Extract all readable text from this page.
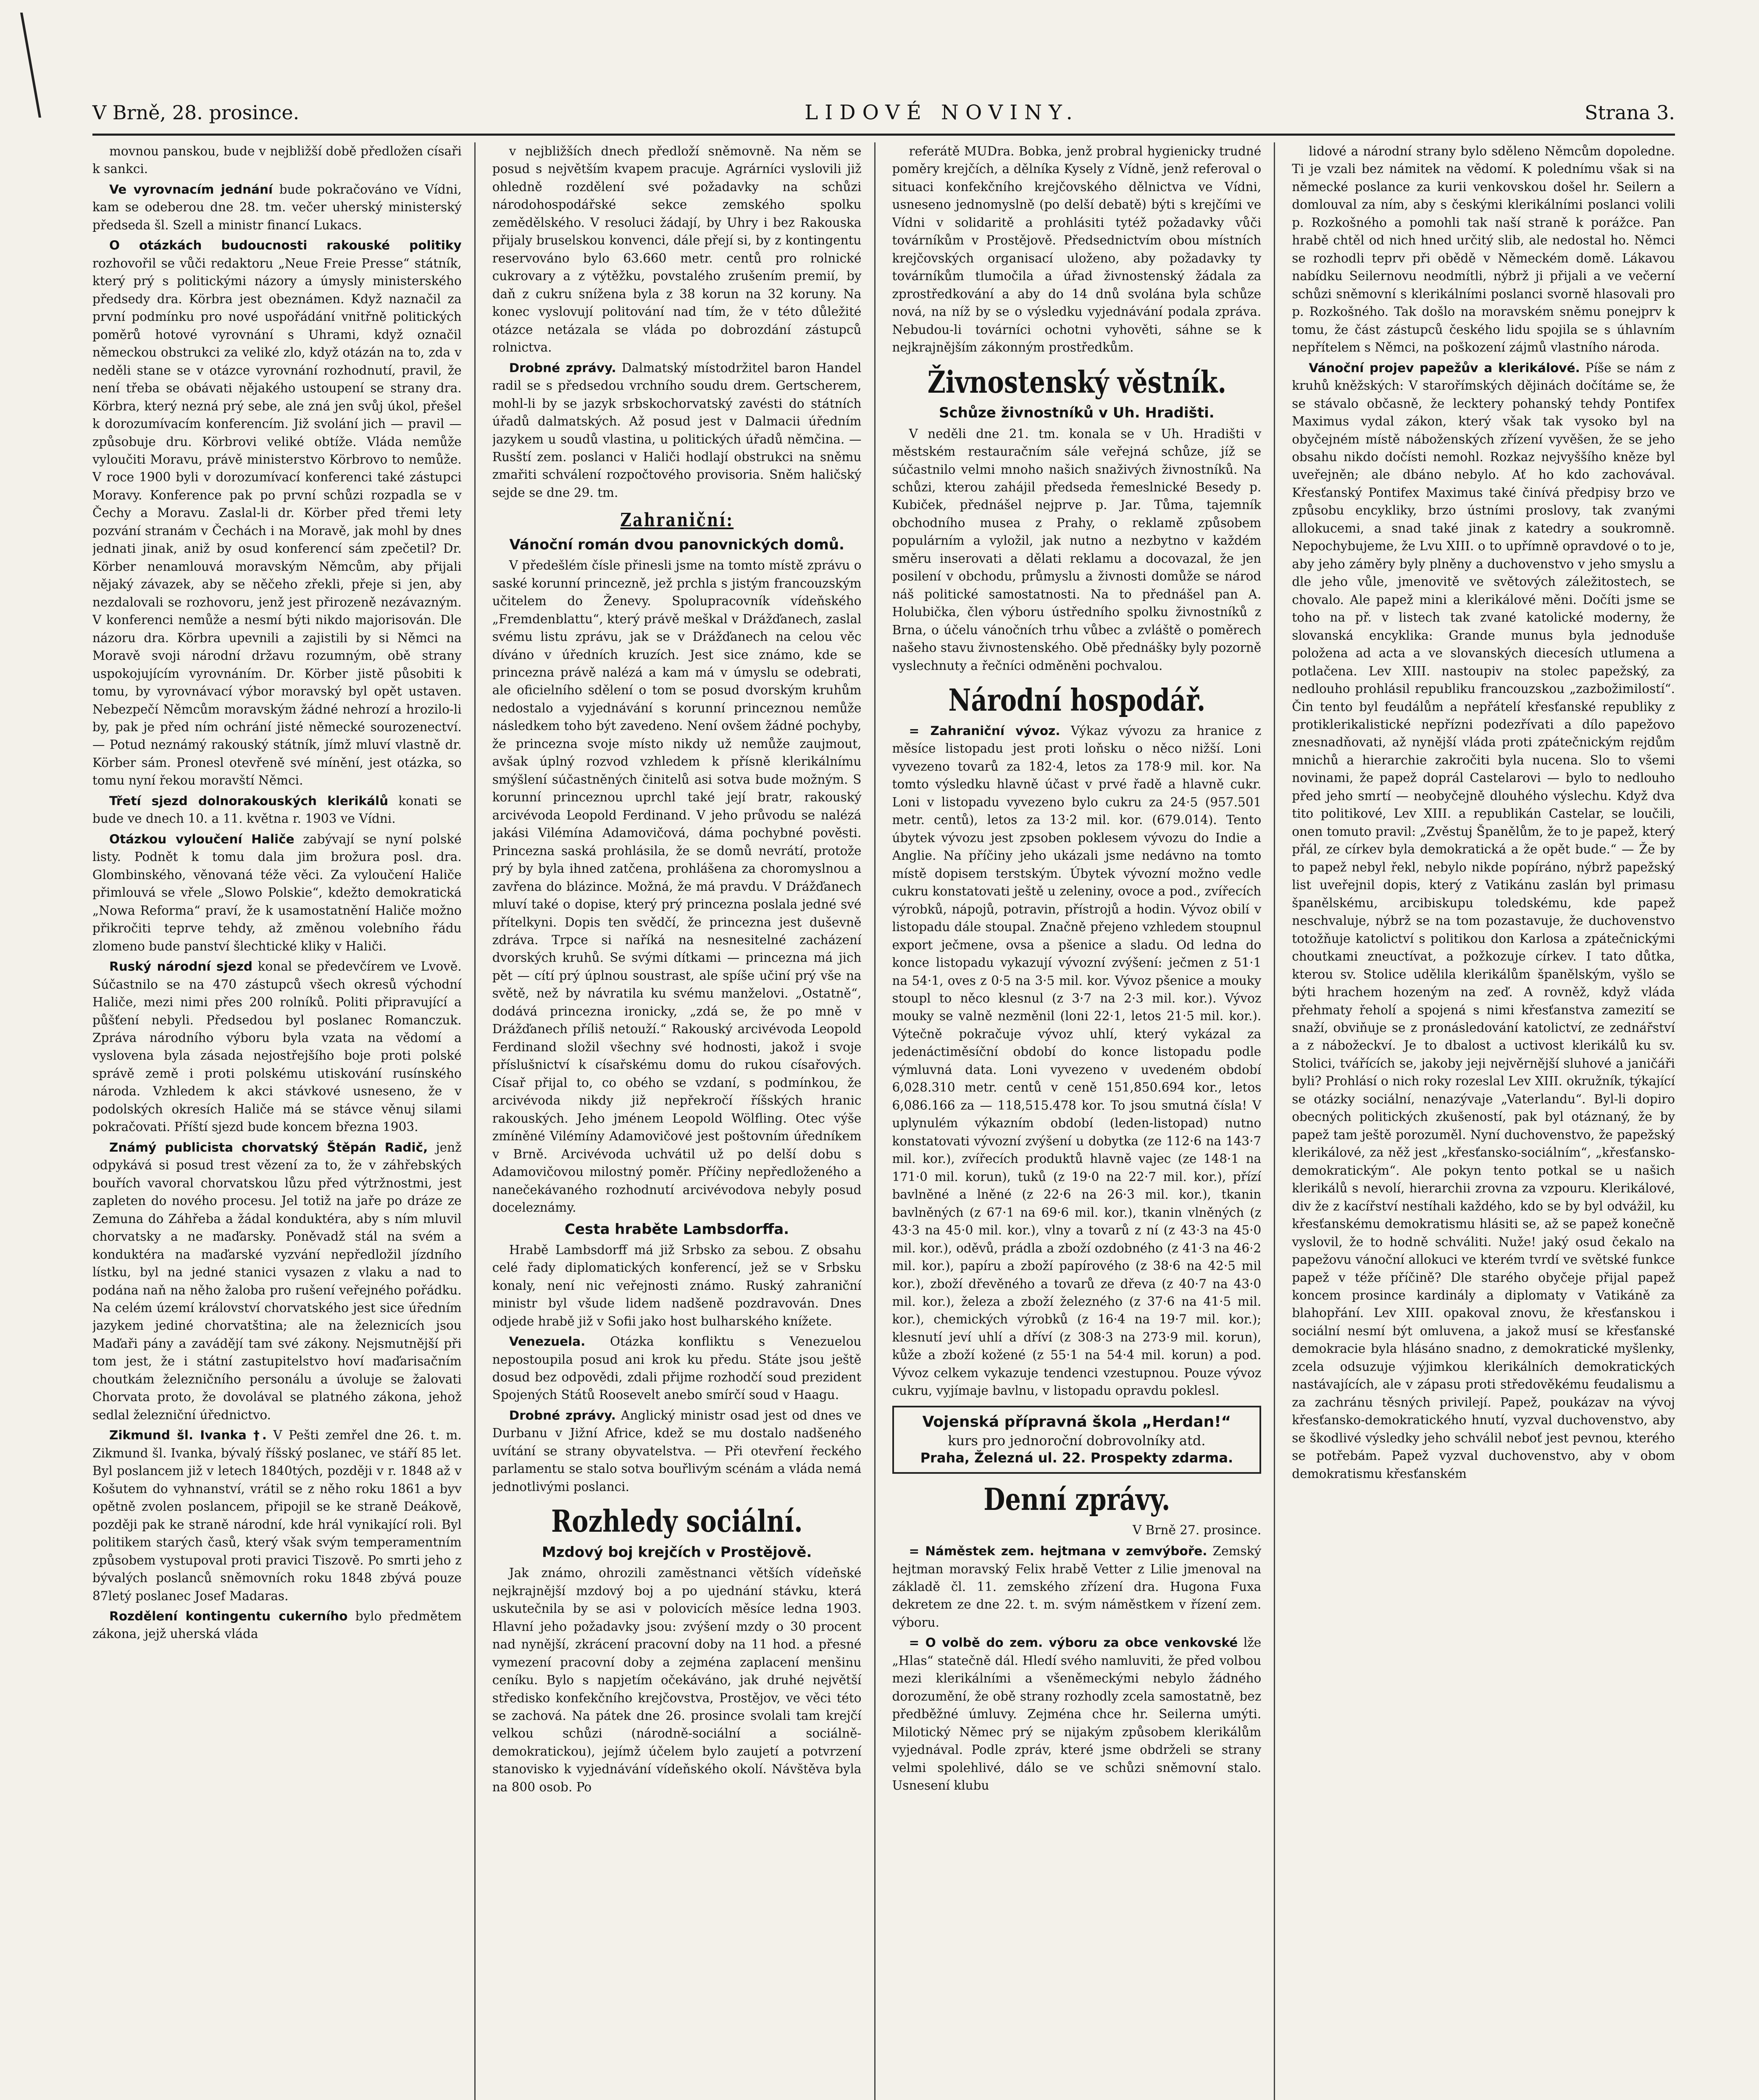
V Brně, 28. prosince.	LIDOVÉ NOVINY.	Strana 3.

movnou panskou, bude v nejbližší době předložen císaři k sankci.

Ve vyrovnacím jednání bude pokračováno ve Vídni, kam se odeberou dne 28. tm. večer uherský ministerský předseda šl. Szell a ministr financí Lukacs.

O otázkách budoucnosti rakouské politiky rozhovořil se vůči redaktoru „Neue Freie Presse“ státník, který prý s politickými názory a úmysly ministerského předsedy dra. Körbra jest obeznámen. Když naznačil za první podmínku pro nové uspořádání vnitřně politických poměrů hotové vyrovnání s Uhrami, když označil německou obstrukci za veliké zlo, když otázán na to, zda v neděli stane se v otázce vyrovnání rozhodnutí, pravil, že není třeba se obávati nějakého ustoupení se strany dra. Körbra, který nezná prý sebe, ale zná jen svůj úkol, přešel k dorozumívacím konferencím. Již svolání jich — pravil — způsobuje dru. Körbrovi veliké obtíže. Vláda nemůže vyloučiti Moravu, právě ministerstvo Körbrovo to nemůže. V roce 1900 byli v dorozumívací konferenci také zástupci Moravy. Konference pak po první schůzi rozpadla se v Čechy a Moravu. Zaslal-li dr. Körber před třemi lety pozvání stranám v Čechách i na Moravě, jak mohl by dnes jednati jinak, aniž by osud konferencí sám zpečetil? Dr. Körber nenamlouvá moravským Němcům, aby přijali nějaký závazek, aby se něčeho zřekli, přeje si jen, aby nezdalovali se rozhovoru, jenž jest přirozeně nezávazným. V konferenci nemůže a nesmí býti nikdo majorisován. Dle názoru dra. Körbra upevnili a zajistili by si Němci na Moravě svoji národní državu rozumným, obě strany uspokojujícím vyrovnáním. Dr. Körber jistě působiti k tomu, by vyrovnávací výbor moravský byl opět ustaven. Nebezpečí Němcům moravským žádné nehrozí a hrozilo-li by, pak je před ním ochrání jisté německé sourozenectví. — Potud neznámý rakouský státník, jímž mluví vlastně dr. Körber sám. Pronesl otevřeně své mínění, jest otázka, so tomu nyní řekou moravští Němci.

Třetí sjezd dolnorakouských klerikálů konati se bude ve dnech 10. a 11. května r. 1903 ve Vídni.

Otázkou vyloučení Haliče zabývají se nyní polské listy. Podnět k tomu dala jim brožura posl. dra. Glombinského, věnovaná téže věci. Za vyloučení Haliče přimlouvá se vřele „Slowo Polskie“, kdežto demokratická „Nowa Reforma“ praví, že k usamostatnění Haliče možno přikročiti teprve tehdy, až změnou volebního řádu zlomeno bude panství šlechtické kliky v Haliči.

Ruský národní sjezd konal se předevčírem ve Lvově. Súčastnilo se na 470 zástupců všech okresů východní Haliče, mezi nimi přes 200 rolníků. Politi připravující a půšťení nebyli. Předsedou byl poslanec Romanczuk. Zpráva národního výboru byla vzata na vědomí a vyslovena byla zásada nejostřejšího boje proti polské správě země i proti polskému utiskování rusínského národa. Vzhledem k akci stávkové usneseno, že v podolských okresích Haliče má se stávce věnuj silami pokračovati. Příští sjezd bude koncem března 1903.

Známý publicista chorvatský Štěpán Radič, jenž odpykává si posud trest vězení za to, že v záhřebských bouřích vavoral chorvatskou lůzu před výtržnostmi, jest zapleten do nového procesu. Jel totiž na jaře po dráze ze Zemuna do Záhřeba a žádal konduktéra, aby s ním mluvil chorvatsky a ne maďarsky. Poněvadž stál na svém a konduktéra na maďarské vyzvání nepředložil jízdního lístku, byl na jedné stanici vysazen z vlaku a nad to podána naň na něho žaloba pro rušení veřejného pořádku. Na celém území království chorvatského jest sice úředním jazykem jediné chorvatština; ale na železnicích jsou Maďaři pány a zavádějí tam své zákony. Nejsmutnější při tom jest, že i státní zastupitelstvo hoví maďarisačním choutkám železničního personálu a úvoluje se žalovati Chorvata proto, že dovolával se platného zákona, jehož sedlal železniční úřednictvo.

Zikmund šl. Ivanka †. V Pešti zemřel dne 26. t. m. Zikmund šl. Ivanka, bývalý říšský poslanec, ve stáří 85 let. Byl poslancem již v letech 1840tých, později v r. 1848 až v Košutem do vyhnanství, vrátil se z něho roku 1861 a byv opětně zvolen poslancem, připojil se ke straně Deákově, později pak ke straně národní, kde hrál vynikající roli. Byl politikem starých časů, který však svým temperamentním způsobem vystupoval proti pravici Tiszově. Po smrti jeho z bývalých poslanců sněmovních roku 1848 zbývá pouze 87letý poslanec Josef Madaras.

Rozdělení kontingentu cukerního bylo předmětem zákona, jejž uherská vláda

v nejbližších dnech předloží sněmovně. Na něm se posud s největším kvapem pracuje. Agrárníci vyslovili již ohledně rozdělení své požadavky na schůzi národohospodářské sekce zemského spolku zemědělského. V resoluci žádají, by Uhry i bez Rakouska přijaly bruselskou konvenci, dále přejí si, by z kontingentu reservováno bylo 63.660 metr. centů pro rolnické cukrovary a z výtěžku, povstalého zrušením premií, by daň z cukru snížena byla z 38 korun na 32 koruny. Na konec vyslovují politování nad tím, že v této důležité otázce netázala se vláda po dobrozdání zástupců rolnictva.

Drobné zprávy. Dalmatský místodržitel baron Handel radil se s předsedou vrchního soudu drem. Gertscherem, mohl-li by se jazyk srbskochorvatský zavésti do státních úřadů dalmatských. Až posud jest v Dalmacii úředním jazykem u soudů vlastina, u politických úřadů němčina. — Rusští zem. poslanci v Haliči hodlají obstrukci na sněmu zmařiti schválení rozpočtového provisoria. Sněm haličský sejde se dne 29. tm.

Zahraniční:
Vánoční román dvou panovnických domů.

V předešlém čísle přinesli jsme na tomto místě zprávu o saské korunní princezně, jež prchla s jistým francouzským učitelem do Ženevy. Spolupracovník vídeňského „Fremdenblattu“, který právě meškal v Drážďanech, zaslal svému listu zprávu, jak se v Drážďanech na celou věc díváno v úředních kruzích. Jest sice známo, kde se princezna právě nalézá a kam má v úmyslu se odebrati, ale oficielního sdělení o tom se posud dvorským kruhům nedostalo a vyjednávání s korunní princeznou nemůže následkem toho být zavedeno. Není ovšem žádné pochyby, že princezna svoje místo nikdy už nemůže zaujmout, avšak úplný rozvod vzhledem k přísně klerikálnímu smýšlení súčastněných činitelů asi sotva bude možným. S korunní princeznou uprchl také její bratr, rakouský arcivévoda Leopold Ferdinand. V jeho průvodu se nalézá jakási Vilémína Adamovičová, dáma pochybné pověsti. Princezna saská prohlásila, že se domů nevrátí, protože prý by byla ihned zatčena, prohlášena za choromyslnou a zavřena do blázince. Možná, že má pravdu. V Drážďanech mluví také o dopise, který prý princezna poslala jedné své přítelkyni. Dopis ten svědčí, že princezna jest duševně zdráva. Trpce si naříká na nesnesitelné zacházení dvorských kruhů. Se svými dítkami — princezna má jich pět — cítí prý úplnou soustrast, ale spíše učiní prý vše na světě, než by návratila ku svému manželovi. „Ostatně“, dodává princezna ironicky, „zdá se, že po mně v Drážďanech příliš netouží.“ Rakouský arcivévoda Leopold Ferdinand složil všechny své hodnosti, jakož i svoje příslušnictví k císařskému domu do rukou císařových. Císař přijal to, co obého se vzdaní, s podmínkou, že arcivévoda nikdy již nepřekročí říšských hranic rakouských. Jeho jménem Leopold Wölfling. Otec výše zmíněné Vilémíny Adamovičové jest poštovním úředníkem v Brně. Arcivévoda uchvátil už po delší dobu s Adamovičovou milostný poměr. Příčiny nepředloženého a nanečekávaného rozhodnutí arcivévodova nebyly posud doceleznámy.

Cesta hraběte Lambsdorffa.

Hrabě Lambsdorff má již Srbsko za sebou. Z obsahu celé řady diplomatických konferencí, jež se v Srbsku konaly, není nic veřejnosti známo. Ruský zahraniční ministr byl všude lidem nadšeně pozdravován. Dnes odjede hrabě již v Sofii jako host bulharského knížete.

Venezuela. Otázka konfliktu s Venezuelou nepostoupila posud ani krok ku předu. Státe jsou ještě dosud bez odpovědi, zdali přijme rozhodčí soud prezident Spojených Států Roosevelt anebo smírčí soud v Haagu.

Drobné zprávy. Anglický ministr osad jest od dnes ve Durbanu v Jižní Africe, kdež se mu dostalo nadšeného uvítání se strany obyvatelstva. — Při otevření řeckého parlamentu se stalo sotva bouřlivým scénám a vláda nemá jednotlivými poslanci.

Rozhledy sociální.
Mzdový boj krejčích v Prostějově.

Jak známo, ohrozili zaměstnanci větších vídeňské nejkrajnější mzdový boj a po ujednání stávku, která uskutečnila by se asi v polovicích měsíce ledna 1903. Hlavní jeho požadavky jsou: zvýšení mzdy o 30 procent nad nynější, zkrácení pracovní doby na 11 hod. a přesné vymezení pracovní doby a zejména zaplacení menšinu ceníku. Bylo s napjetím očekáváno, jak druhé největší středisko konfekčního krejčovstva, Prostějov, ve věci této se zachová. Na pátek dne 26. prosince svolali tam krejčí velkou schůzi (národně-sociální a sociálně-demokratickou), jejímž účelem bylo zaujetí a potvrzení stanovisko k vyjednávání vídeňského okolí. Návštěva byla na 800 osob. Po

referátě MUDra. Bobka, jenž probral hygienicky trudné poměry krejčích, a dělníka Kysely z Vídně, jenž referoval o situaci konfekčního krejčovského dělnictva ve Vídni, usneseno jednomyslně (po delší debatě) býti s krejčími ve Vídni v solidaritě a prohlásiti tytéž požadavky vůči továrníkům v Prostějově. Předsednictvím obou místních krejčovských organisací uloženo, aby požadavky ty továrníkům tlumočila a úřad živnostenský žádala za zprostředkování a aby do 14 dnů svolána byla schůze nová, na níž by se o výsledku vyjednávání podala zpráva. Nebudou-li továrníci ochotni vyhověti, sáhne se k nejkrajnějším zákonným prostředkům.

Živnostenský věstník.
Schůze živnostníků v Uh. Hradišti.

V neděli dne 21. tm. konala se v Uh. Hradišti v městském restauračním sále veřejná schůze, jíž se súčastnilo velmi mnoho našich snaživých živnostníků. Na schůzi, kterou zahájil předseda řemeslnické Besedy p. Kubiček, přednášel nejprve p. Jar. Tůma, tajemník obchodního musea z Prahy, o reklamě způsobem populárním a vyložil, jak nutno a nezbytno v každém směru inserovati a dělati reklamu a docovazal, že jen posilení v obchodu, průmyslu a živnosti domůže se národ náš politické samostatnosti. Na to přednášel pan A. Holubička, člen výboru ústředního spolku živnostníků z Brna, o účelu vánočních trhu vůbec a zvláště o poměrech našeho stavu živnostenského. Obě přednášky byly pozorně vyslechnuty a řečníci odměněni pochvalou.

Národní hospodář.

= Zahraniční vývoz. Výkaz vývozu za hranice z měsíce listopadu jest proti loňsku o něco nižší. Loni vyvezeno tovarů za 182·4, letos za 178·9 mil. kor. Na tomto výsledku hlavně účast v prvé řadě a hlavně cukr. Loni v listopadu vyvezeno bylo cukru za 24·5 (957.501 metr. centů), letos za 13·2 mil. kor. (679.014). Tento úbytek vývozu jest zpsoben poklesem vývozu do Indie a Anglie. Na příčiny jeho ukázali jsme nedávno na tomto místě dopisem terstským. Úbytek vývozní možno vedle cukru konstatovati ještě u zeleniny, ovoce a pod., zvířecích výrobků, nápojů, potravin, přístrojů a hodin. Vývoz obilí v listopadu dále stoupal. Značně přejeno vzhledem stoupnul export ječmene, ovsa a pšenice a sladu. Od ledna do konce listopadu vykazují vývozní zvýšení: ječmen z 51·1 na 54·1, oves z 0·5 na 3·5 mil. kor. Vývoz pšenice a mouky stoupl to něco klesnul (z 3·7 na 2·3 mil. kor.). Vývoz mouky se valně nezměnil (loni 22·1, letos 21·5 mil. kor.). Výtečně pokračuje vývoz uhlí, který vykázal za jedenáctiměsíční období do konce listopadu podle výmluvná data. Loni vyvezeno v uvedeném období 6,028.310 metr. centů v ceně 151,850.694 kor., letos 6,086.166 za — 118,515.478 kor. To jsou smutná čísla! V uplynulém výkazním období (leden-listopad) nutno konstatovati vývozní zvýšení u dobytka (ze 112·6 na 143·7 mil. kor.), zvířecích produktů hlavně vajec (ze 148·1 na 171·0 mil. korun), tuků (z 19·0 na 22·7 mil. kor.), přízí bavlněné a lněné (z 22·6 na 26·3 mil. kor.), tkanin bavlněných (z 67·1 na 69·6 mil. kor.), tkanin vlněných (z 43·3 na 45·0 mil. kor.), vlny a tovarů z ní (z 43·3 na 45·0 mil. kor.), oděvů, prádla a zboží ozdobného (z 41·3 na 46·2 mil. kor.), papíru a zboží papírového (z 38·6 na 42·5 mil kor.), zboží dřevěného a tovarů ze dřeva (z 40·7 na 43·0 mil. kor.), železa a zboží železného (z 37·6 na 41·5 mil. kor.), chemických výrobků (z 16·4 na 19·7 mil. kor.); klesnutí jeví uhlí a dříví (z 308·3 na 273·9 mil. korun), kůže a zboží kožené (z 55·1 na 54·4 mil. korun) a pod. Vývoz celkem vykazuje tendenci vzestupnou. Pouze vývoz cukru, vyjímaje bavlnu, v listopadu opravdu poklesl.

Vojenská přípravná škola „Herdan!“
kurs pro jednoroční dobrovolníky atd.
Praha, Železná ul. 22. Prospekty zdarma.
Denní zprávy.
V Brně 27. prosince.

= Náměstek zem. hejtmana v zemvýboře. Zemský hejtman moravský Felix hrabě Vetter z Lilie jmenoval na základě čl. 11. zemského zřízení dra. Hugona Fuxa dekretem ze dne 22. t. m. svým náměstkem v řízení zem. výboru.

= O volbě do zem. výboru za obce venkovské lže „Hlas“ statečně dál. Hledí svého namluviti, že před volbou mezi klerikálními a všeněmeckými nebylo žádného dorozumění, že obě strany rozhodly zcela samostatně, bez předběžné úmluvy. Zejména chce hr. Seilerna umýti. Milotický Němec prý se nijakým způsobem klerikálům vyjednával. Podle zpráv, které jsme obdrželi se strany velmi spolehlivé, dálo se ve schůzi sněmovní stalo. Usnesení klubu

lidové a národní strany bylo sděleno Němcům dopoledne. Ti je vzali bez námitek na vědomí. K polednímu však si na německé poslance za kurii venkovskou došel hr. Seilern a domlouval za ním, aby s českými klerikálními poslanci volili p. Rozkošného a pomohli tak naší straně k porážce. Pan hrabě chtěl od nich hned určitý slib, ale nedostal ho. Němci se rozhodli teprv při obědě v Německém domě. Lákavou nabídku Seilernovu neodmítli, nýbrž ji přijali a ve večerní schůzi sněmovní s klerikálními poslanci svorně hlasovali pro p. Rozkošného. Tak došlo na moravském sněmu ponejprv k tomu, že část zástupců českého lidu spojila se s úhlavním nepřítelem s Němci, na poškození zájmů vlastního národa.

Vánoční projev papežův a klerikálové. Píše se nám z kruhů kněžských: V starořímských dějinách dočítáme se, že se stávalo občasně, že lecktery pohanský tehdy Pontifex Maximus vydal zákon, který však tak vysoko byl na obyčejném místě náboženských zřízení vyvěšen, že se jeho obsahu nikdo dočísti nemohl. Rozkaz nejvyššího kněze byl uveřejněn; ale dbáno nebylo. Ať ho kdo zachovával. Křesťanský Pontifex Maximus také činívá předpisy brzo ve způsobu encykliky, brzo ústními proslovy, tak zvanými allokucemi, a snad také jinak z katedry a soukromně. Nepochybujeme, že Lvu XIII. o to upřímně opravdové o to je, aby jeho záměry byly plněny a duchovenstvo v jeho smyslu a dle jeho vůle, jmenovitě ve světových záležitostech, se chovalo. Ale papež mini a klerikálové měni. Dočíti jsme se toho na př. v listech tak zvané katolické moderny, že slovanská encyklika: Grande munus byla jednoduše položena ad acta a ve slovanských diecesích utlumena a potlačena. Lev XIII. nastoupiv na stolec papežský, za nedlouho prohlásil republiku francouzskou „zazbožimilostí“. Čin tento byl feudálům a nepřátelí křesťanské republiky z protiklerikalistické nepřízni podezřívati a dílo papežovo znesnadňovati, až nynější vláda proti zpátečnickým rejdům mnichů a hierarchie zakročiti byla nucena. Slo to všemi novinami, že papež doprál Castelarovi — bylo to nedlouho před jeho smrtí — neobyčejně dlouhého výslechu. Když dva tito politikové, Lev XIII. a republikán Castelar, se loučili, onen tomuto pravil: „Zvěstuj Španělům, že to je papež, který přál, ze církev byla demokratická a že opět bude.“ — Že by to papež nebyl řekl, nebylo nikde popíráno, nýbrž papežský list uveřejnil dopis, který z Vatikánu zaslán byl primasu španělskému, arcibiskupu toledskému, kde papež neschvaluje, nýbrž se na tom pozastavuje, že duchovenstvo totožňuje katolictví s politikou don Karlosa a zpátečnickými choutkami zneuctívat, a požkozuje církev. I tato důtka, kterou sv. Stolice udělila klerikálům španělským, vyšlo se býti hrachem hozeným na zeď. A rovněž, když vláda přehmaty řeholí a spojená s nimi křesťanstva zamezití se snaží, obviňuje se z pronásledování katolictví, ze zednářství a z nábožeckví. Je to dbalost a uctivost klerikálů ku sv. Stolici, tvářících se, jakoby jeji nejvěrnější sluhové a janičáři byli? Prohlásí o nich roky rozeslal Lev XIII. okružník, týkající se otázky sociální, nenazývaje „Vaterlandu“. Byl-li dopiro obecných politických zkušeností, pak byl otáznaný, že by papež tam ještě porozuměl. Nyní duchovenstvo, že papežský klerikálové, za něž jest „křesťansko-sociálním“, „křesťansko-demokratickým“. Ale pokyn tento potkal se u našich klerikálů s nevolí, hierarchii zrovna za vzpouru. Klerikálové, div že z kacířství nestíhali každého, kdo se by byl odvážil, ku křesťanskému demokratismu hlásiti se, až se papež konečně vyslovil, že to hodně schváliti. Nuže! jaký osud čekalo na papežovu vánoční allokuci ve kterém tvrdí ve světské funkce papež v téže příčině? Dle starého obyčeje přijal papež koncem prosince kardinály a diplomaty v Vatikáně za blahopřání. Lev XIII. opakoval znovu, že křesťanskou i sociální nesmí být omluvena, a jakož musí se křesťanské demokracie byla hlásáno snadno, z demokratické myšlenky, zcela odsuzuje výjimkou klerikálních demokratických nastávajících, ale v zápasu proti středověkému feudalismu a za zachránu těsných privilejí. Papež, poukázav na vývoj křesťansko-demokratického hnutí, vyzval duchovenstvo, aby se škodlivé výsledky jeho schválil neboť jest pevnou, kterého se potřebám. Papež vyzval duchovenstvo, aby v obom demokratismu křesťanském
